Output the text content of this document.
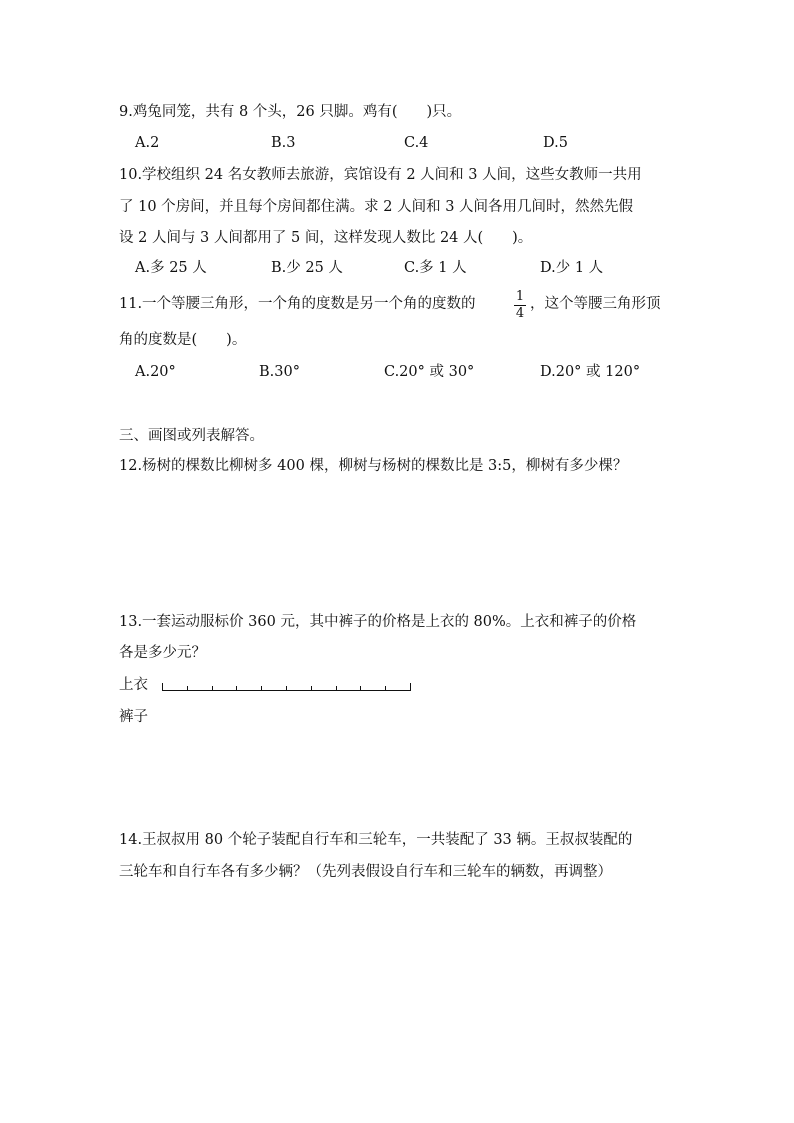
9.鸡兔同笼，共有 8 个头，26 只脚。鸡有(　　)只。
A.2	B.3	C.4	D.5
10.学校组织 24 名女教师去旅游，宾馆设有 2 人间和 3 人间，这些女教师一共用
了 10 个房间，并且每个房间都住满。求 2 人间和 3 人间各用几间时，然然先假
设 2 人间与 3 人间都用了 5 间，这样发现人数比 24 人(　　)。
A.多 25 人	B.少 25 人	C.多 1 人	D.少 1 人
11.一个等腰三角形，一个角的度数是另一个角的度数的	1
4
，这个等腰三角形顶
角的度数是(　　)。
A.20°	B.30°	C.20° 或 30°	D.20° 或 120°
三、画图或列表解答。
12.杨树的棵数比柳树多 400 棵，柳树与杨树的棵数比是 3:5，柳树有多少棵？
13.一套运动服标价 360 元，其中裤子的价格是上衣的 80%。上衣和裤子的价格
各是多少元？
上衣
裤子
14.王叔叔用 80 个轮子装配自行车和三轮车，一共装配了 33 辆。王叔叔装配的
三轮车和自行车各有多少辆？（先列表假设自行车和三轮车的辆数，再调整）
